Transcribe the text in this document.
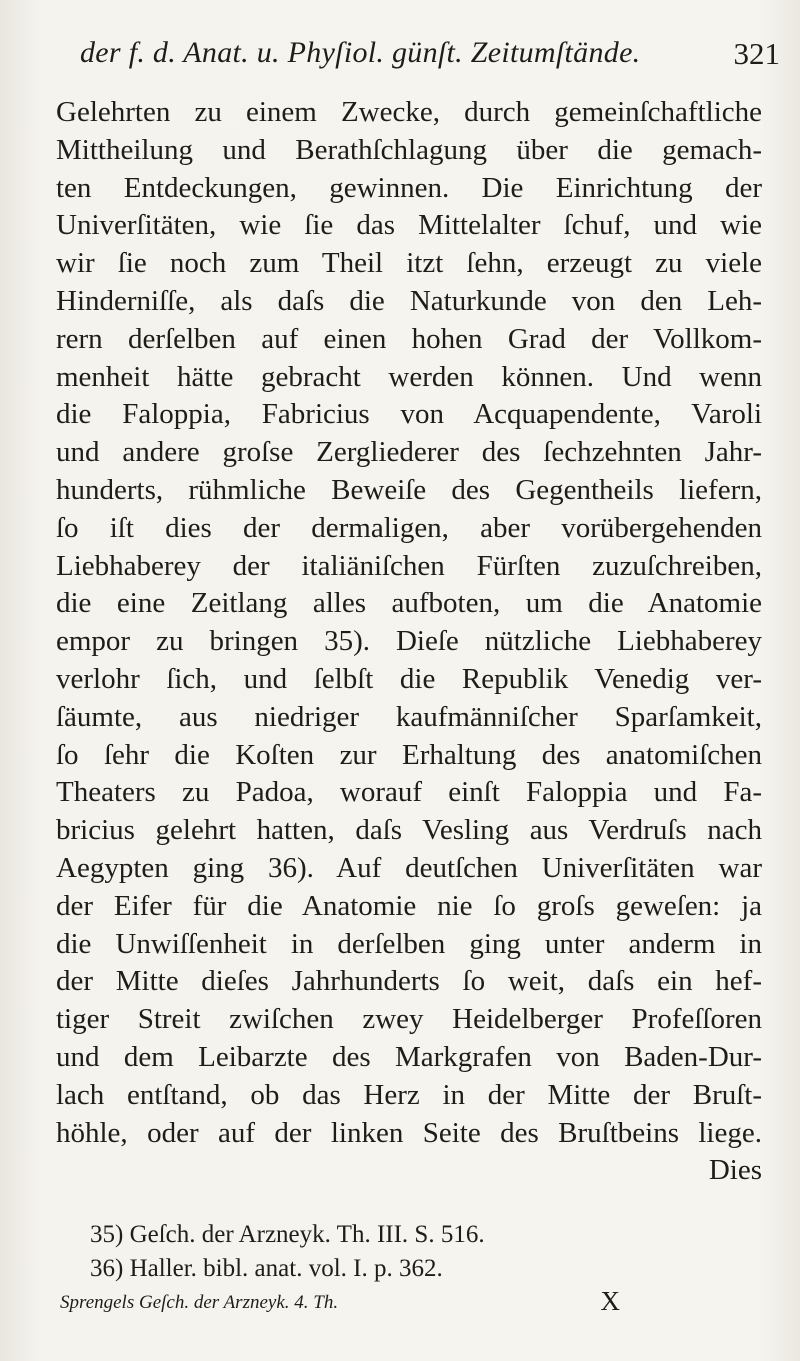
der f. d. Anat. u. Phyſiol. günſt. Zeitumſtände.	321
Gelehrten zu einem Zwecke, durch gemeinſchaftliche
Mittheilung und Berathſchlagung über die gemach-
ten Entdeckungen, gewinnen. Die Einrichtung der
Univerſitäten, wie ſie das Mittelalter ſchuf, und wie
wir ſie noch zum Theil itzt ſehn, erzeugt zu viele
Hinderniſſe, als daſs die Naturkunde von den Leh-
rern derſelben auf einen hohen Grad der Vollkom-
menheit hätte gebracht werden können. Und wenn
die Faloppia, Fabricius von Acquapendente, Varoli
und andere groſse Zergliederer des ſechzehnten Jahr-
hunderts, rühmliche Beweiſe des Gegentheils liefern,
ſo iſt dies der dermaligen, aber vorübergehenden
Liebhaberey der italiäniſchen Fürſten zuzuſchreiben,
die eine Zeitlang alles aufboten, um die Anatomie
empor zu bringen 35). Dieſe nützliche Liebhaberey
verlohr ſich, und ſelbſt die Republik Venedig ver-
ſäumte, aus niedriger kaufmänniſcher Sparſamkeit,
ſo ſehr die Koſten zur Erhaltung des anatomiſchen
Theaters zu Padoa, worauf einſt Faloppia und Fa-
bricius gelehrt hatten, daſs Vesling aus Verdruſs nach
Aegypten ging 36). Auf deutſchen Univerſitäten war
der Eifer für die Anatomie nie ſo groſs geweſen: ja
die Unwiſſenheit in derſelben ging unter anderm in
der Mitte dieſes Jahrhunderts ſo weit, daſs ein hef-
tiger Streit zwiſchen zwey Heidelberger Profeſſoren
und dem Leibarzte des Markgrafen von Baden-Dur-
lach entſtand, ob das Herz in der Mitte der Bruſt-
höhle, oder auf der linken Seite des Bruſtbeins liege.
Dies
35) Geſch. der Arzneyk. Th. III. S. 516.
36) Haller. bibl. anat. vol. I. p. 362.
Sprengels Geſch. der Arzneyk. 4. Th.	X
